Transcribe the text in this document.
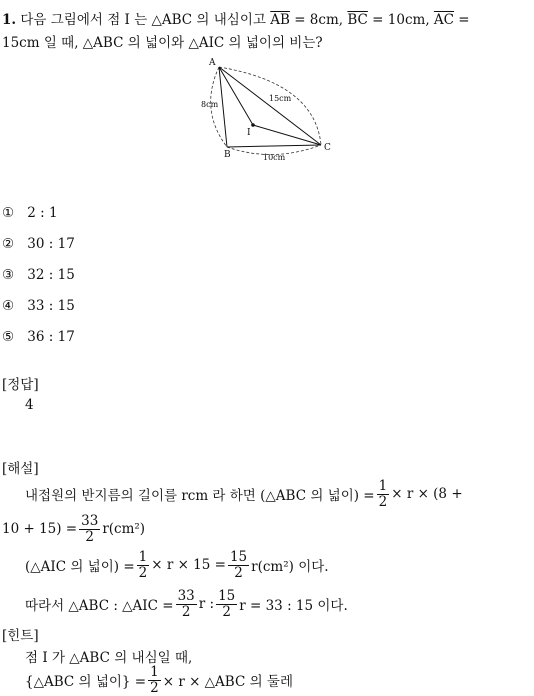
1. 다음 그림에서 점 I 는 △ABC 의 내심이고 $\overline{AB} = 8cm$, $\overline{BC} = 10cm$, $\overline{AC}$ =
15cm 일 때, △ABC 의 넓이와 △AIC 의 넓이의 비는?
A
B
C
I
8cm
15cm
10cm
① 2 : 1
② 30 : 17
③ 32 : 15
④ 33 : 15
⑤ 36 : 17
[정답]
4
[해설]
내접원의 반지름의 길이를 rcm 라 하면 (△ABC 의 넓이) = $\frac{1}{2} \times r \times (8$ +
$10 + 15) = \frac{33}{2} r(cm^2)$
(△AIC 의 넓이) = $\frac{1}{2} \times r \times 15 = \frac{15}{2} r(cm^2)$ 이다.
따라서 △ABC : △AIC = $\frac{33}{2}$ r : $\frac{15}{2}$ r = 33 : 15 이다.
[힌트]
점 I 가 △ABC 의 내심일 때,
{△ABC 의 넓이} = $\frac{1}{2} \times r$ × △ABC 의 둘레
